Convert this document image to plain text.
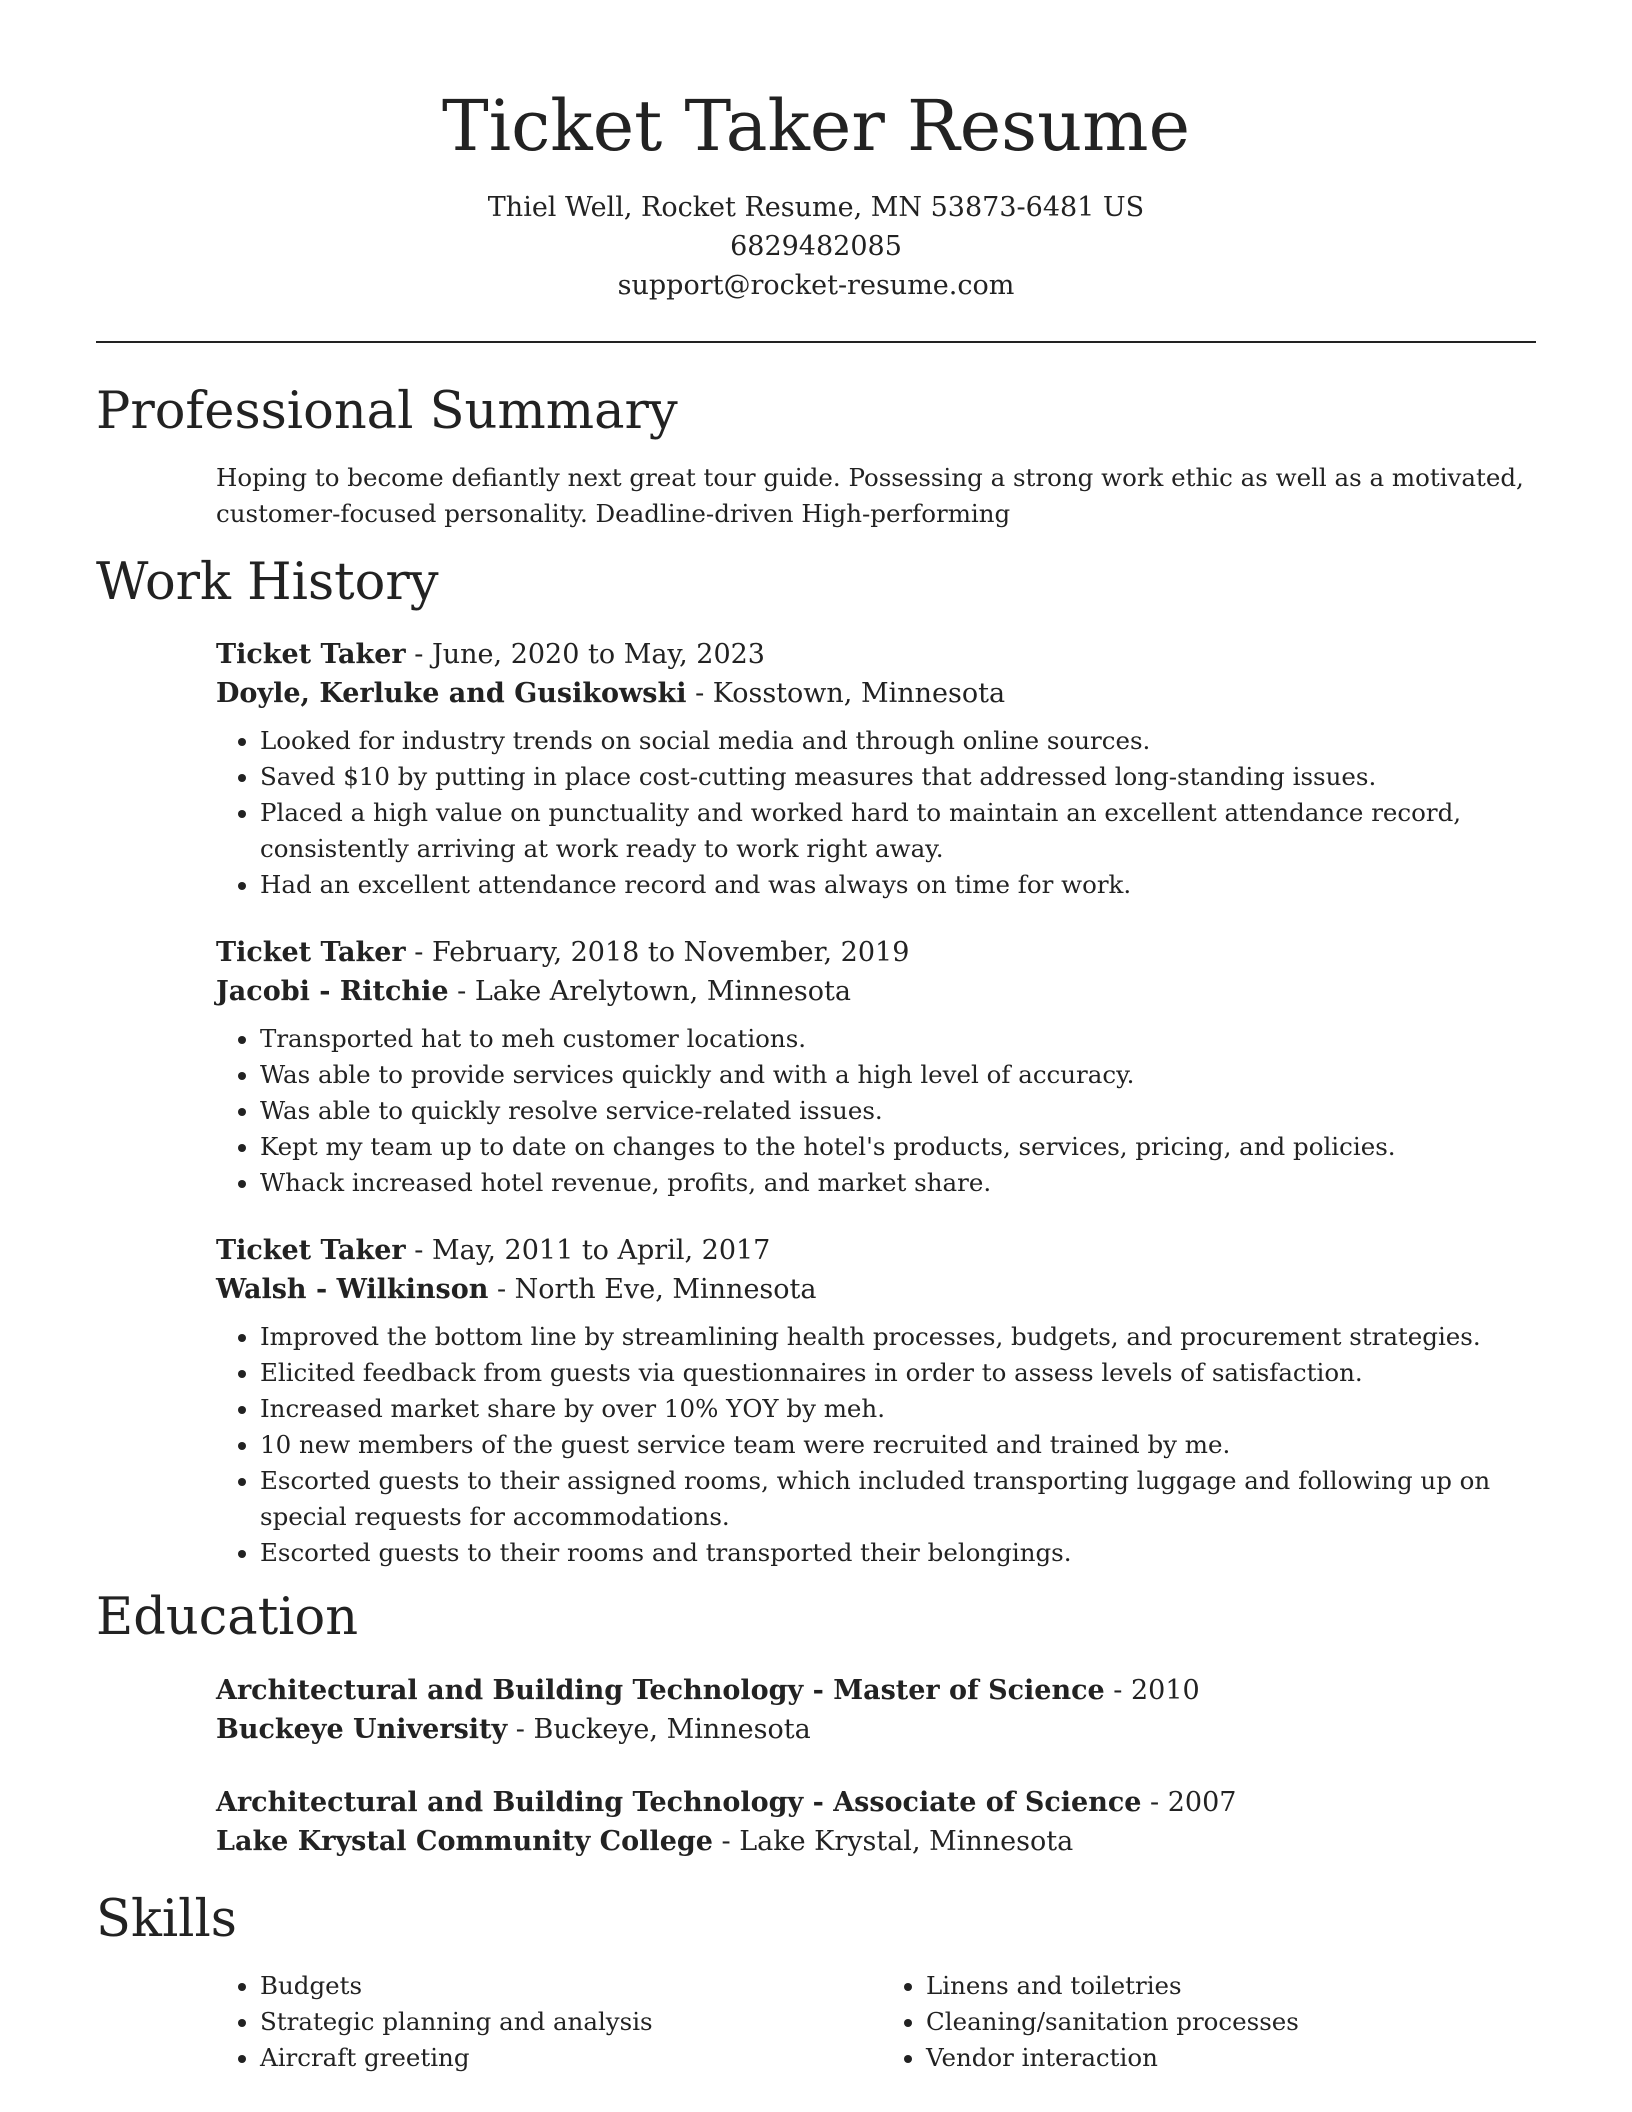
Ticket Taker Resume
Thiel Well, Rocket Resume, MN 53873-6481 US
6829482085
support@rocket-resume.com
Professional Summary
Hoping to become defiantly next great tour guide. Possessing a strong work ethic as well as a motivated, customer-focused personality. Deadline-driven High-performing
Work History
Ticket Taker - June, 2020 to May, 2023
Doyle, Kerluke and Gusikowski - Kosstown, Minnesota
• Looked for industry trends on social media and through online sources.
• Saved $10 by putting in place cost-cutting measures that addressed long-standing issues.
• Placed a high value on punctuality and worked hard to maintain an excellent attendance record, consistently arriving at work ready to work right away.
• Had an excellent attendance record and was always on time for work.
Ticket Taker - February, 2018 to November, 2019
Jacobi - Ritchie - Lake Arelytown, Minnesota
• Transported hat to meh customer locations.
• Was able to provide services quickly and with a high level of accuracy.
• Was able to quickly resolve service-related issues.
• Kept my team up to date on changes to the hotel's products, services, pricing, and policies.
• Whack increased hotel revenue, profits, and market share.
Ticket Taker - May, 2011 to April, 2017
Walsh - Wilkinson - North Eve, Minnesota
• Improved the bottom line by streamlining health processes, budgets, and procurement strategies.
• Elicited feedback from guests via questionnaires in order to assess levels of satisfaction.
• Increased market share by over 10% YOY by meh.
• 10 new members of the guest service team were recruited and trained by me.
• Escorted guests to their assigned rooms, which included transporting luggage and following up on special requests for accommodations.
• Escorted guests to their rooms and transported their belongings.
Education
Architectural and Building Technology - Master of Science - 2010
Buckeye University - Buckeye, Minnesota
Architectural and Building Technology - Associate of Science - 2007
Lake Krystal Community College - Lake Krystal, Minnesota
Skills
• Budgets
• Strategic planning and analysis
• Aircraft greeting
• Linens and toiletries
• Cleaning/sanitation processes
• Vendor interaction
